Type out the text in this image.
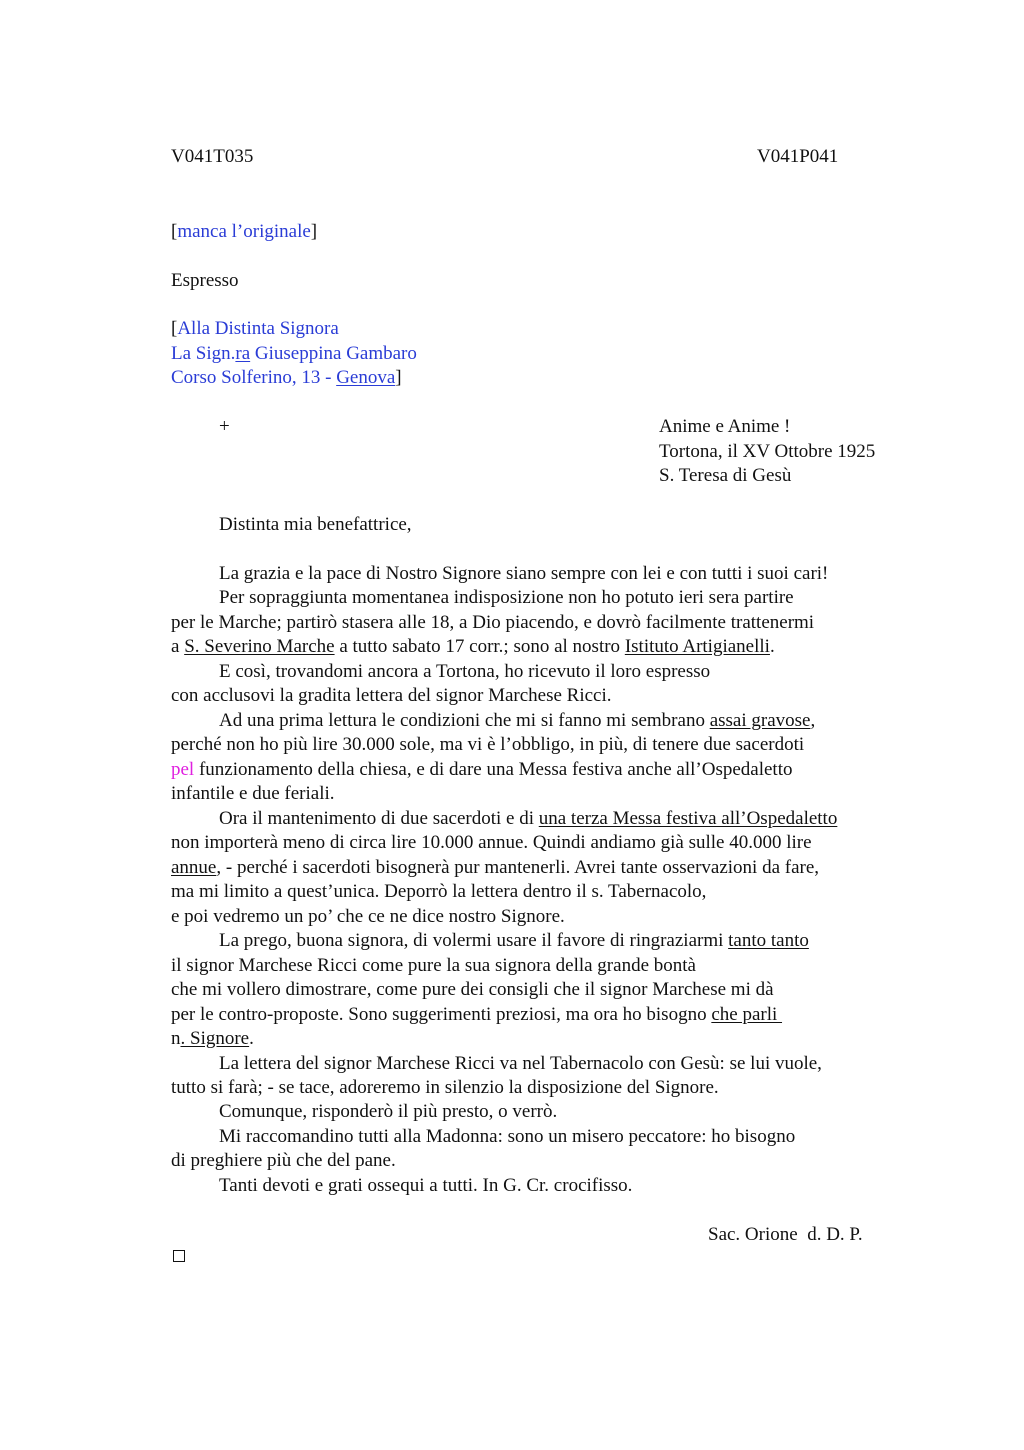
V041T035	V041P041
[manca l’originale]
Espresso
[Alla Distinta Signora
La Sign.ra Giuseppina Gambaro
Corso Solferino, 13 - Genova]
+	Anime e Anime !
Tortona, il XV Ottobre 1925
S. Teresa di Gesù
Distinta mia benefattrice,
La grazia e la pace di Nostro Signore siano sempre con lei e con tutti i suoi cari!
Per sopraggiunta momentanea indisposizione non ho potuto ieri sera partire
per le Marche; partirò stasera alle 18, a Dio piacendo, e dovrò facilmente trattenermi
a S. Severino Marche a tutto sabato 17 corr.; sono al nostro Istituto Artigianelli.
E così, trovandomi ancora a Tortona, ho ricevuto il loro espresso
con acclusovi la gradita lettera del signor Marchese Ricci.
Ad una prima lettura le condizioni che mi si fanno mi sembrano assai gravose,
perché non ho più lire 30.000 sole, ma vi è l’obbligo, in più, di tenere due sacerdoti
pel funzionamento della chiesa, e di dare una Messa festiva anche all’Ospedaletto
infantile e due feriali.
Ora il mantenimento di due sacerdoti e di una terza Messa festiva all’Ospedaletto
non importerà meno di circa lire 10.000 annue. Quindi andiamo già sulle 40.000 lire
annue, - perché i sacerdoti bisognerà pur mantenerli. Avrei tante osservazioni da fare,
ma mi limito a quest’unica. Deporrò la lettera dentro il s. Tabernacolo,
e poi vedremo un po’ che ce ne dice nostro Signore.
La prego, buona signora, di volermi usare il favore di ringraziarmi tanto tanto
il signor Marchese Ricci come pure la sua signora della grande bontà
che mi vollero dimostrare, come pure dei consigli che il signor Marchese mi dà
per le contro-proposte. Sono suggerimenti preziosi, ma ora ho bisogno che parli
n. Signore.
La lettera del signor Marchese Ricci va nel Tabernacolo con Gesù: se lui vuole,
tutto si farà; - se tace, adoreremo in silenzio la disposizione del Signore.
Comunque, risponderò il più presto, o verrò.
Mi raccomandino tutti alla Madonna: sono un misero peccatore: ho bisogno
di preghiere più che del pane.
Tanti devoti e grati ossequi a tutti. In G. Cr. crocifisso.
Sac. Orione  d. D. P.
